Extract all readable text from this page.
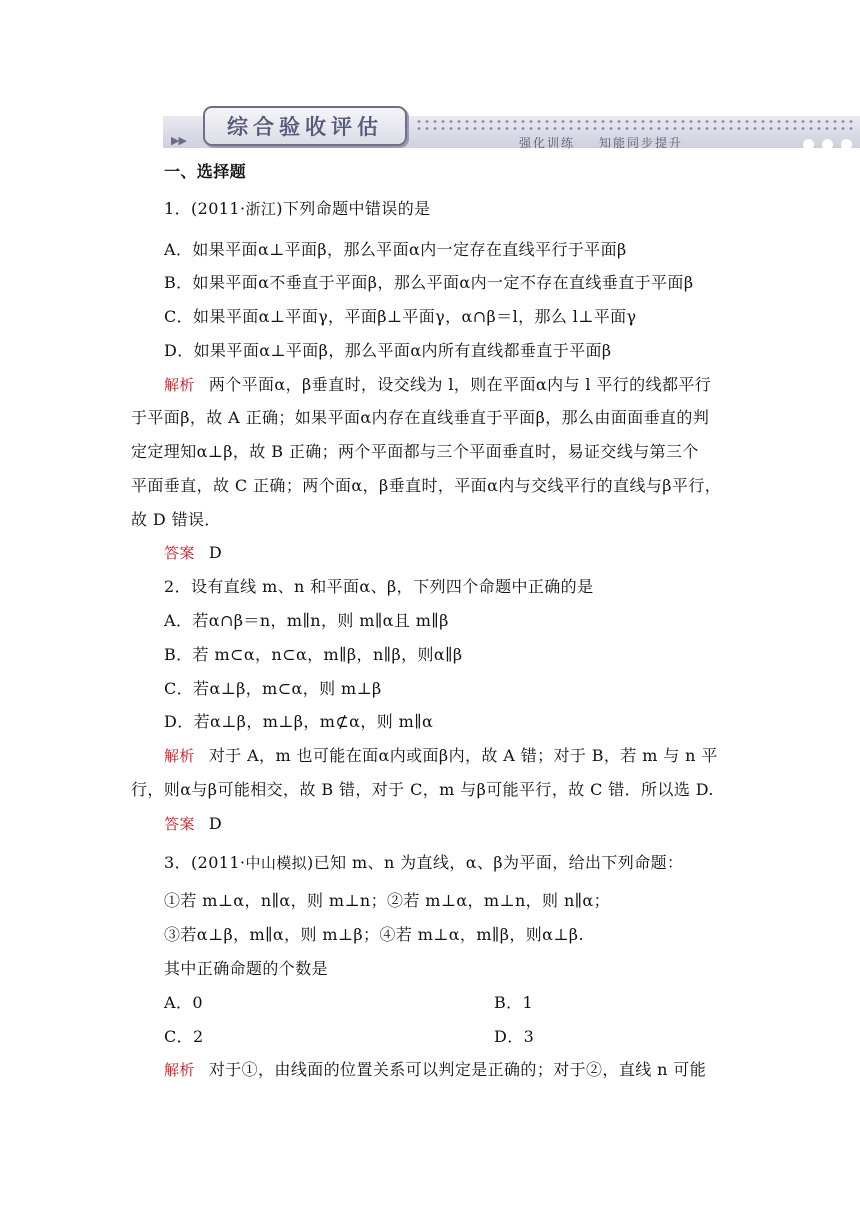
▶▶
综合验收评估
强化训练 知能同步提升
一、选择题
1．(2011·浙江)下列命题中错误的是
A．如果平面α⊥平面β，那么平面α内一定存在直线平行于平面β
B．如果平面α不垂直于平面β，那么平面α内一定不存在直线垂直于平面β
C．如果平面α⊥平面γ，平面β⊥平面γ，α∩β＝l，那么 l⊥平面γ
D．如果平面α⊥平面β，那么平面α内所有直线都垂直于平面β
解析 两个平面α，β垂直时，设交线为 l，则在平面α内与 l 平行的线都平行
于平面β，故 A 正确；如果平面α内存在直线垂直于平面β，那么由面面垂直的判
定定理知α⊥β，故 B 正确；两个平面都与三个平面垂直时，易证交线与第三个
平面垂直，故 C 正确；两个面α，β垂直时，平面α内与交线平行的直线与β平行，
故 D 错误．
答案 D
2．设有直线 m、n 和平面α、β，下列四个命题中正确的是
A．若α∩β＝n，m∥n，则 m∥α且 m∥β
B．若 m⊂α，n⊂α，m∥β，n∥β，则α∥β
C．若α⊥β，m⊂α，则 m⊥β
D．若α⊥β，m⊥β，m⊄α，则 m∥α
解析 对于 A，m 也可能在面α内或面β内，故 A 错；对于 B，若 m 与 n 平
行，则α与β可能相交，故 B 错，对于 C，m 与β可能平行，故 C 错．所以选 D.
答案 D
3．(2011·中山模拟)已知 m、n 为直线，α、β为平面，给出下列命题：
①若 m⊥α，n∥α，则 m⊥n；②若 m⊥α，m⊥n，则 n∥α；
③若α⊥β，m∥α，则 m⊥β；④若 m⊥α，m∥β，则α⊥β.
其中正确命题的个数是
A．0	B．1
C．2	D．3
解析 对于①，由线面的位置关系可以判定是正确的；对于②，直线 n 可能
